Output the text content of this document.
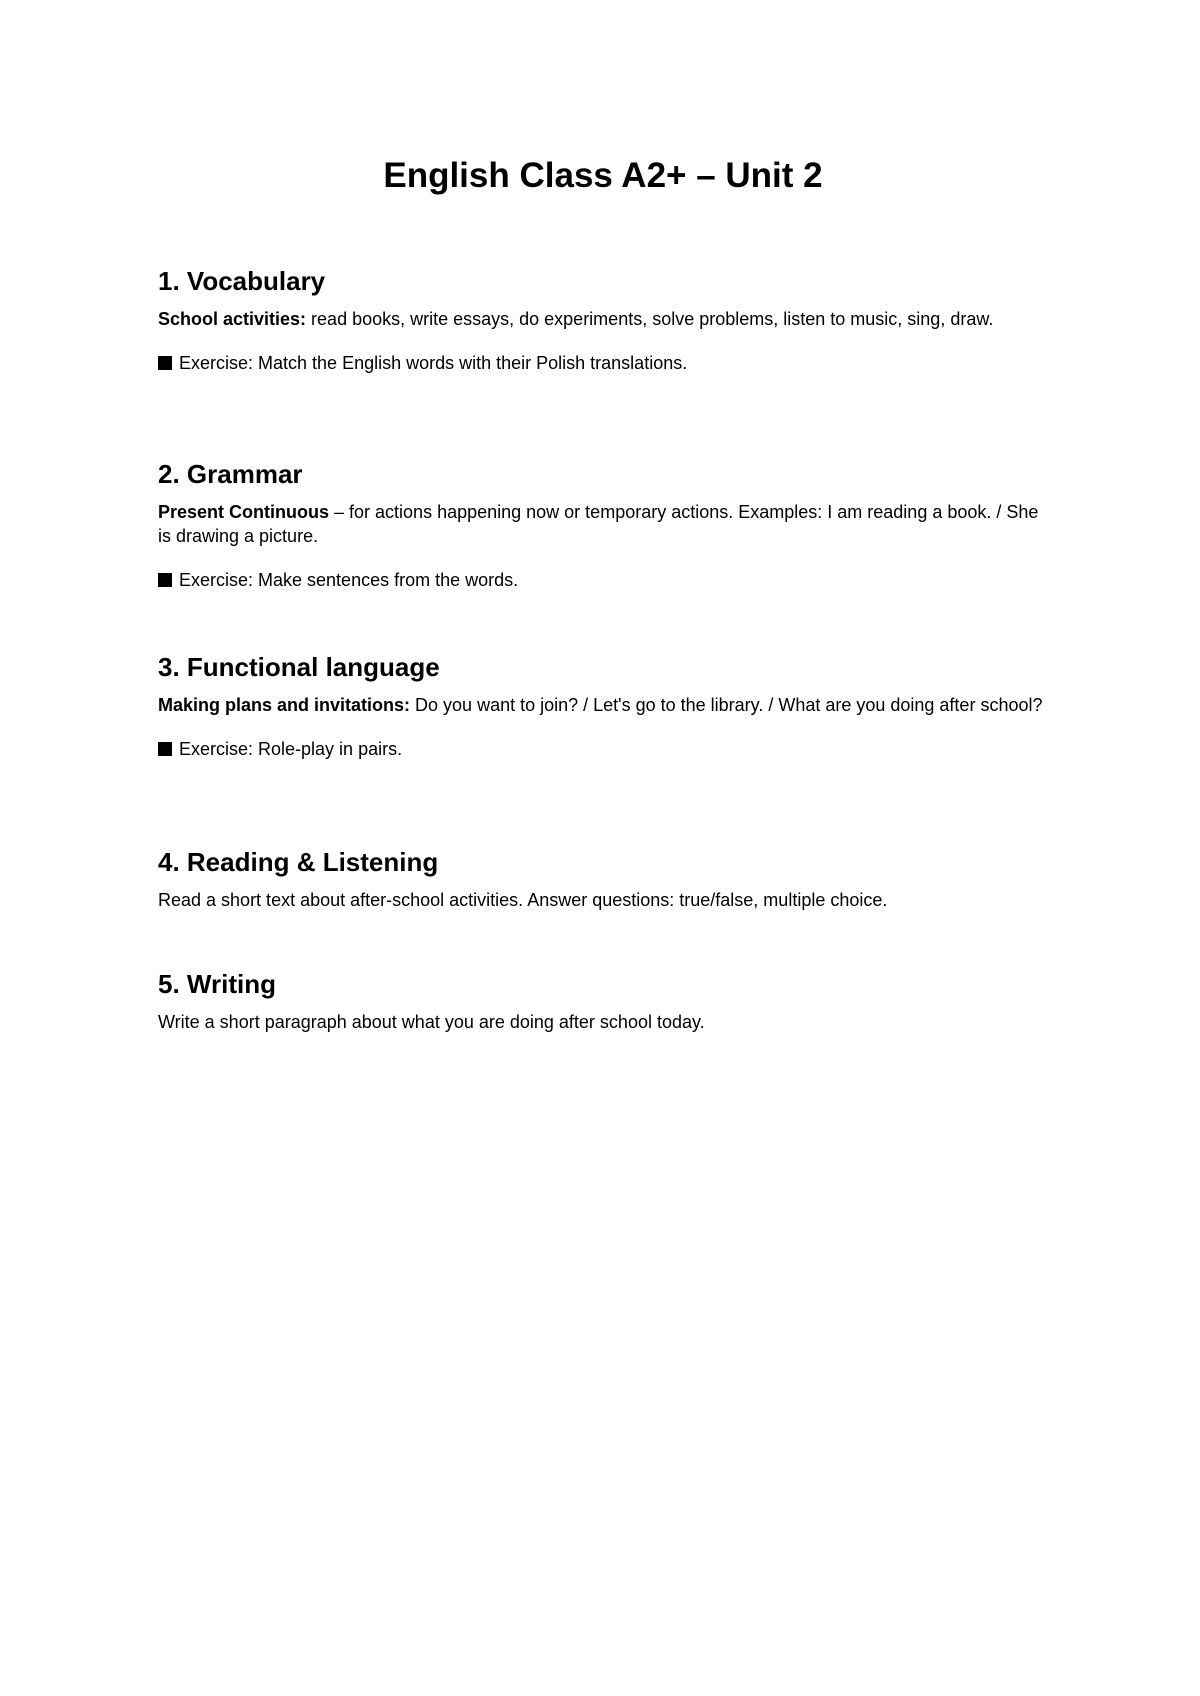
English Class A2+ – Unit 2
1. Vocabulary

School activities: read books, write essays, do experiments, solve problems, listen to music, sing, draw.

Exercise: Match the English words with their Polish translations.
2. Grammar

Present Continuous – for actions happening now or temporary actions. Examples: I am reading a book. / She is drawing a picture.

Exercise: Make sentences from the words.
3. Functional language

Making plans and invitations: Do you want to join? / Let's go to the library. / What are you doing after school?

Exercise: Role-play in pairs.
4. Reading & Listening

Read a short text about after-school activities. Answer questions: true/false, multiple choice.

5. Writing

Write a short paragraph about what you are doing after school today.
